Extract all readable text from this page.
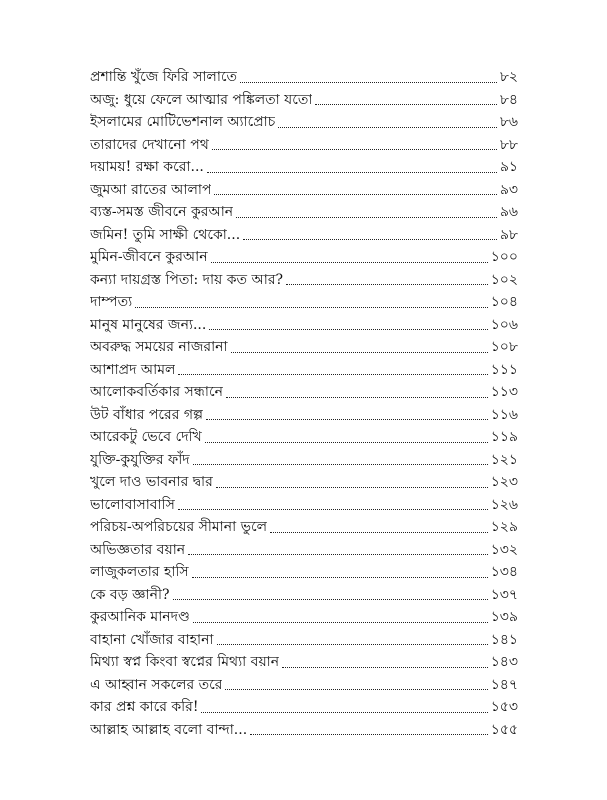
প্রশান্তি খুঁজে ফিরি সালাতে	৮২
অজু: ধুয়ে ফেলে আত্মার পঙ্কিলতা যতো	৮৪
ইসলামের মোটিভেশনাল অ্যাপ্রোচ	৮৬
তারাদের দেখানো পথ	৮৮
দয়াময়! রক্ষা করো...	৯১
জুমআ রাতের আলাপ	৯৩
ব্যস্ত-সমস্ত জীবনে কুরআন	৯৬
জমিন! তুমি সাক্ষী থেকো...	৯৮
মুমিন-জীবনে কুরআন	১০০
কন্যা দায়গ্রস্ত পিতা: দায় কত আর?	১০২
দাম্পত্য	১০৪
মানুষ মানুষের জন্য...	১০৬
অবরুদ্ধ সময়ের নাজরানা	১০৮
আশাপ্রদ আমল	১১১
আলোকবর্তিকার সন্ধানে	১১৩
উট বাঁধার পরের গল্প	১১৬
আরেকটু ভেবে দেখি	১১৯
যুক্তি-কুযুক্তির ফাঁদ	১২১
খুলে দাও ভাবনার দ্বার	১২৩
ভালোবাসাবাসি	১২৬
পরিচয়-অপরিচয়ের সীমানা ভুলে	১২৯
অভিজ্ঞতার বয়ান	১৩২
লাজুকলতার হাসি	১৩৪
কে বড় জ্ঞানী?	১৩৭
কুরআনিক মানদণ্ড	১৩৯
বাহানা খোঁজার বাহানা	১৪১
মিথ্যা স্বপ্ন কিংবা স্বপ্নের মিথ্যা বয়ান	১৪৩
এ আহ্বান সকলের তরে	১৪৭
কার প্রশ্ন কারে করি!	১৫৩
আল্লাহ আল্লাহ বলো বান্দা...	১৫৫
